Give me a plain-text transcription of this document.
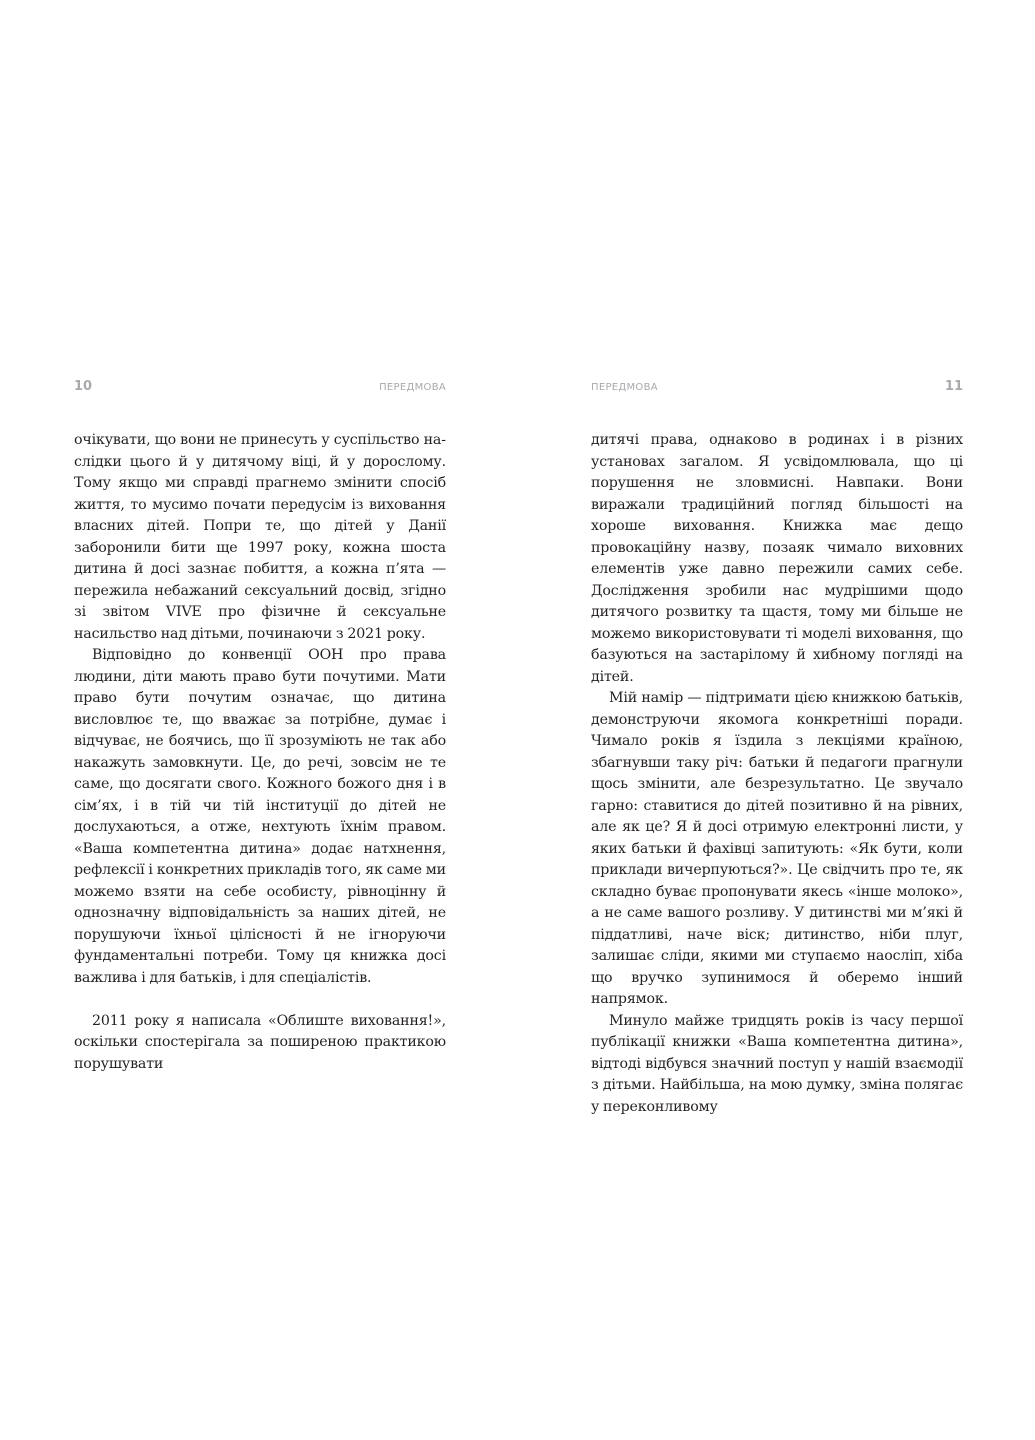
10	ПЕРЕДМОВА

очікувати, що вони не принесуть у суспільство наслідки цього й у дитячому віці, й у дорослому. Тому якщо ми справді прагнемо змінити спосіб життя, то мусимо почати передусім із виховання власних дітей. Попри те, що дітей у Данії заборонили бити ще 1997 року, кожна шоста дитина й досі зазнає побиття, а кожна п’ята — пережила небажаний сексуальний досвід, згідно зі звітом VIVE про фізичне й сексуальне насильство над дітьми, починаючи з 2021 року.

Відповідно до конвенції ООН про права людини, діти мають право бути почутими. Мати право бути почутим означає, що дитина висловлює те, що вважає за потрібне, думає і відчуває, не боячись, що її зрозуміють не так або накажуть замовкнути. Це, до речі, зовсім не те саме, що досягати свого. Кожного божого дня і в сім’ях, і в тій чи тій інституції до дітей не дослухаються, а отже, нехтують їхнім правом. «Ваша компетентна дитина» додає натхнення, рефлексії і конкретних прикладів того, як саме ми можемо взяти на себе особисту, рівноцінну й однозначну відповідальність за наших дітей, не порушуючи їхньої цілісності й не ігноруючи фундаментальні потреби. Тому ця книжка досі важлива і для батьків, і для спеціалістів.

2011 року я написала «Облиште виховання!», оскільки спостерігала за поширеною практикою порушувати

ПЕРЕДМОВА	11

дитячі права, однаково в родинах і в різних установах загалом. Я усвідомлювала, що ці порушення не зловмисні. Навпаки. Вони виражали традиційний погляд більшості на хороше виховання. Книжка має дещо провокаційну назву, позаяк чимало виховних елементів уже давно пережили самих себе. Дослідження зробили нас мудрішими щодо дитячого розвитку та щастя, тому ми більше не можемо використовувати ті моделі виховання, що базуються на застарілому й хибному погляді на дітей.

Мій намір — підтримати цією книжкою батьків, демонструючи якомога конкретніші поради. Чимало років я їздила з лекціями країною, збагнувши таку річ: батьки й педагоги прагнули щось змінити, але безрезультатно. Це звучало гарно: ставитися до дітей позитивно й на рівних, але як це? Я й досі отримую електронні листи, у яких батьки й фахівці запитують: «Як бути, коли приклади вичерпуються?». Це свідчить про те, як складно буває пропонувати якесь «інше молоко», а не саме вашого розливу. У дитинстві ми м’які й піддатливі, наче віск; дитинство, ніби плуг, залишає сліди, якими ми ступаємо наосліп, хіба що вручко зупинимося й оберемо інший напрямок.

Минуло майже тридцять років із часу першої публікації книжки «Ваша компетентна дитина», відтоді відбувся значний поступ у нашій взаємодії з дітьми. Найбільша, на мою думку, зміна полягає у переконливому
